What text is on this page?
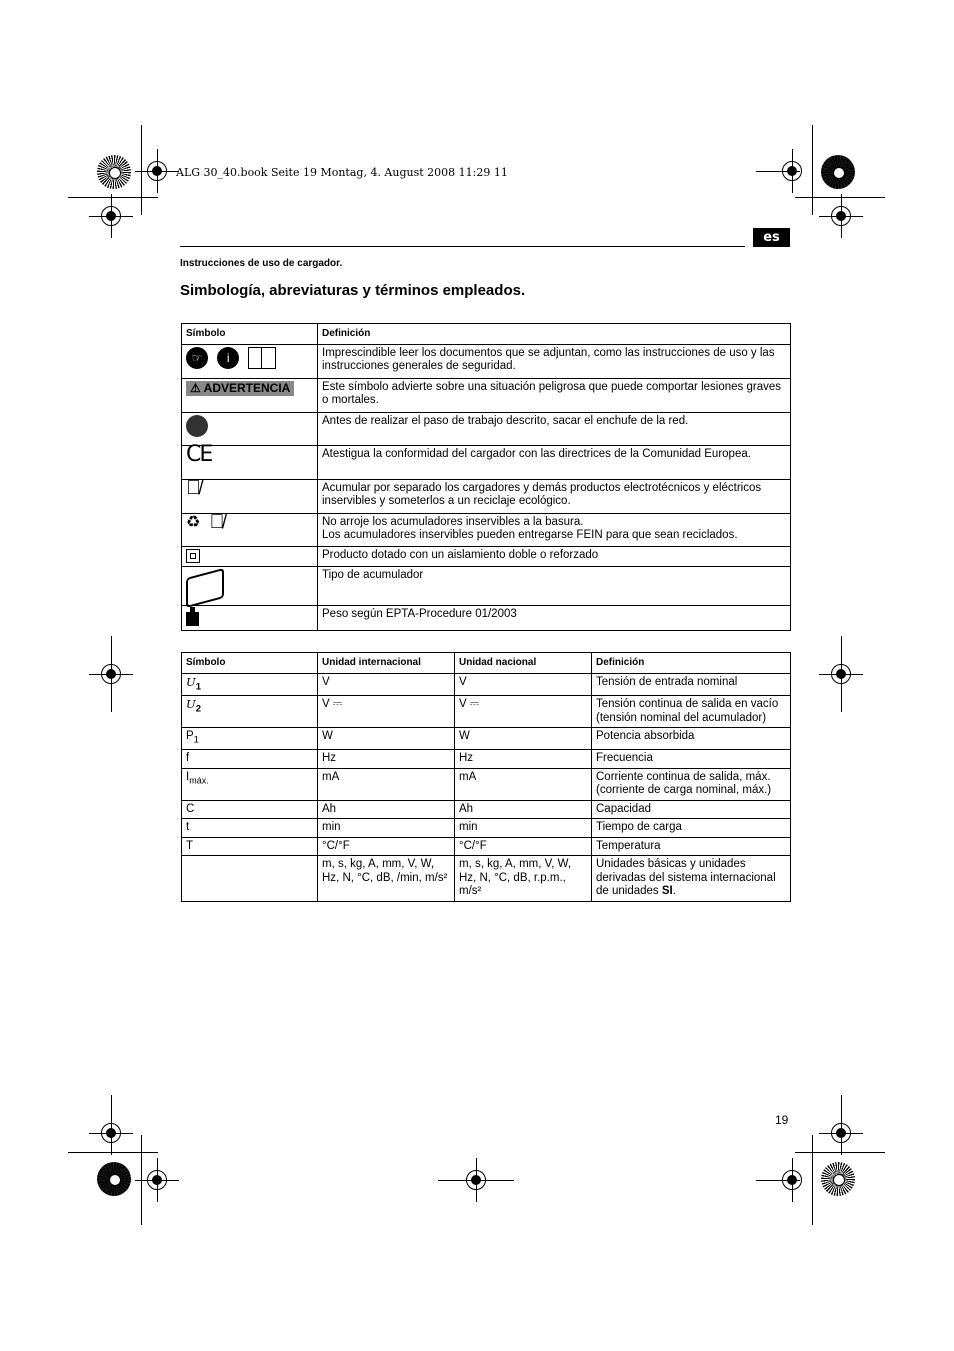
ALG 30_40.book Seite 19 Montag, 4. August 2008 11:29 11
es
Instrucciones de uso de cargador.
Simbología, abreviaturas y términos empleados.
Símbolo	Definición
☞ i	Imprescindible leer los documentos que se adjuntan, como las instrucciones de uso y las instrucciones generales de seguridad.
⚠ ADVERTENCIA	Este símbolo advierte sobre una situación peligrosa que puede comportar lesiones graves o mortales.
	Antes de realizar el paso de trabajo descrito, sacar el enchufe de la red.
CE	Atestigua la conformidad del cargador con las directrices de la Comunidad Europea.
🗑̸	Acumular por separado los cargadores y demás productos electrotécnicos y eléctricos inservibles y someterlos a un reciclaje ecológico.
♻ 🗑̸	No arroje los acumuladores inservibles a la basura.
Los acumuladores inservibles pueden entregarse FEIN para que sean reciclados.
	Producto dotado con un aislamiento doble o reforzado
	Tipo de acumulador
	Peso según EPTA-Procedure 01/2003
Símbolo	Unidad internacional	Unidad nacional	Definición
$U_1$	V	V	Tensión de entrada nominal
$U_2$	V ⎓	V ⎓	Tensión continua de salida en vacío (tensión nominal del acumulador)
$P_1$	W	W	Potencia absorbida
f	Hz	Hz	Frecuencia
$I_{máx.}$	mA	mA	Corriente continua de salida, máx. (corriente de carga nominal, máx.)
C	Ah	Ah	Capacidad
t	min	min	Tiempo de carga
T	°C/°F	°C/°F	Temperatura
	m, s, kg, A, mm, V, W, Hz, N, °C, dB, /min, m/s²	m, s, kg, A, mm, V, W, Hz, N, °C, dB, r.p.m., m/s²	Unidades básicas y unidades derivadas del sistema internacional de unidades SI.
19
